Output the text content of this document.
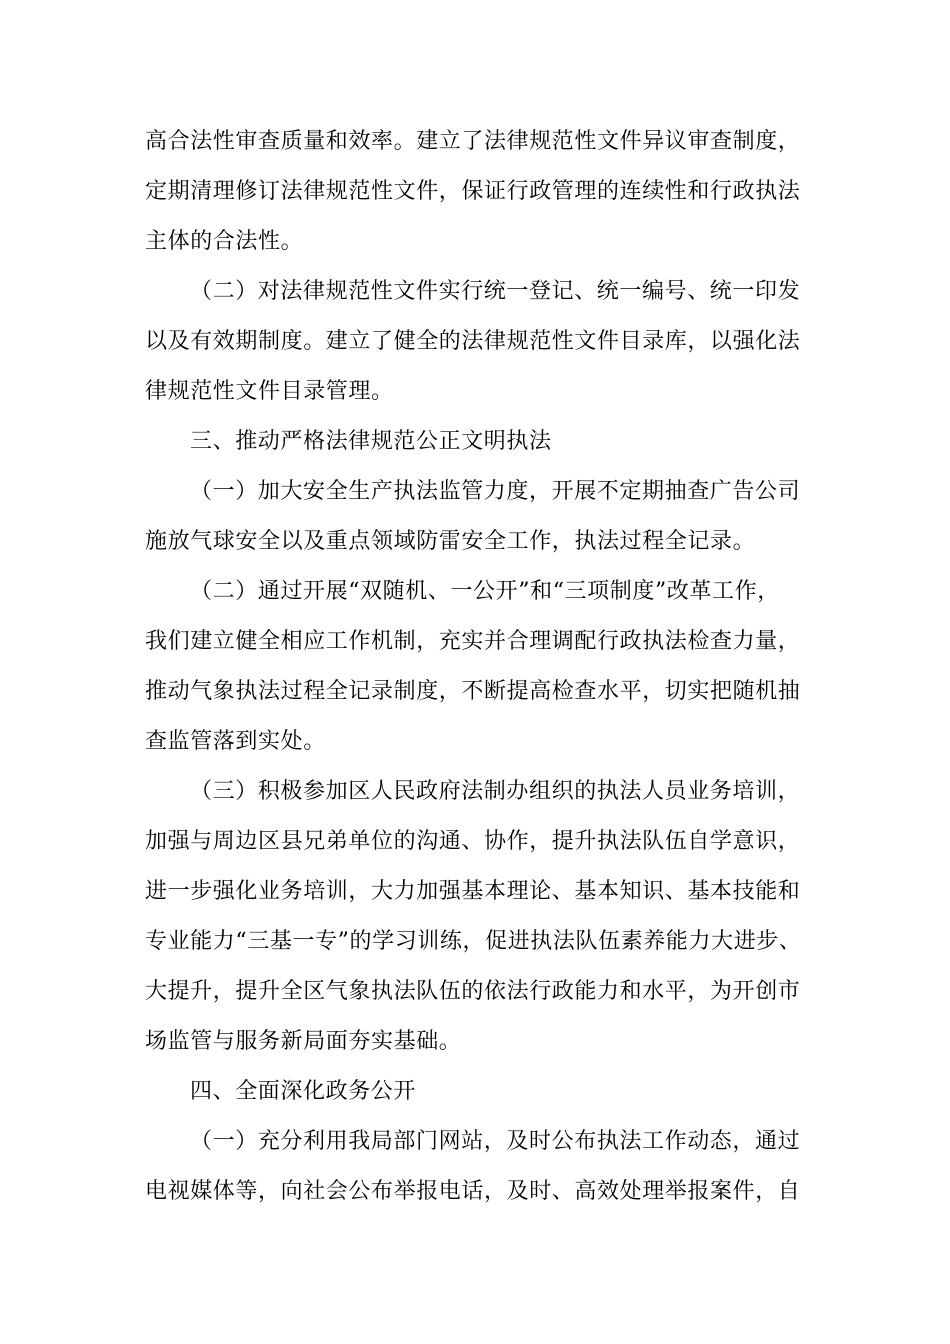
高合法性审查质量和效率。建立了法律规范性文件异议审查制度，
定期清理修订法律规范性文件，保证行政管理的连续性和行政执法
主体的合法性。
（二）对法律规范性文件实行统一登记、统一编号、统一印发
以及有效期制度。建立了健全的法律规范性文件目录库，以强化法
律规范性文件目录管理。
三、推动严格法律规范公正文明执法
（一）加大安全生产执法监管力度，开展不定期抽查广告公司
施放气球安全以及重点领域防雷安全工作，执法过程全记录。
（二）通过开展“双随机、一公开”和“三项制度”改革工作，
我们建立健全相应工作机制，充实并合理调配行政执法检查力量，
推动气象执法过程全记录制度，不断提高检查水平，切实把随机抽
查监管落到实处。
（三）积极参加区人民政府法制办组织的执法人员业务培训，
加强与周边区县兄弟单位的沟通、协作，提升执法队伍自学意识，
进一步强化业务培训，大力加强基本理论、基本知识、基本技能和
专业能力“三基一专”的学习训练，促进执法队伍素养能力大进步、
大提升，提升全区气象执法队伍的依法行政能力和水平，为开创市
场监管与服务新局面夯实基础。
四、全面深化政务公开
（一）充分利用我局部门网站，及时公布执法工作动态，通过
电视媒体等，向社会公布举报电话，及时、高效处理举报案件，自
